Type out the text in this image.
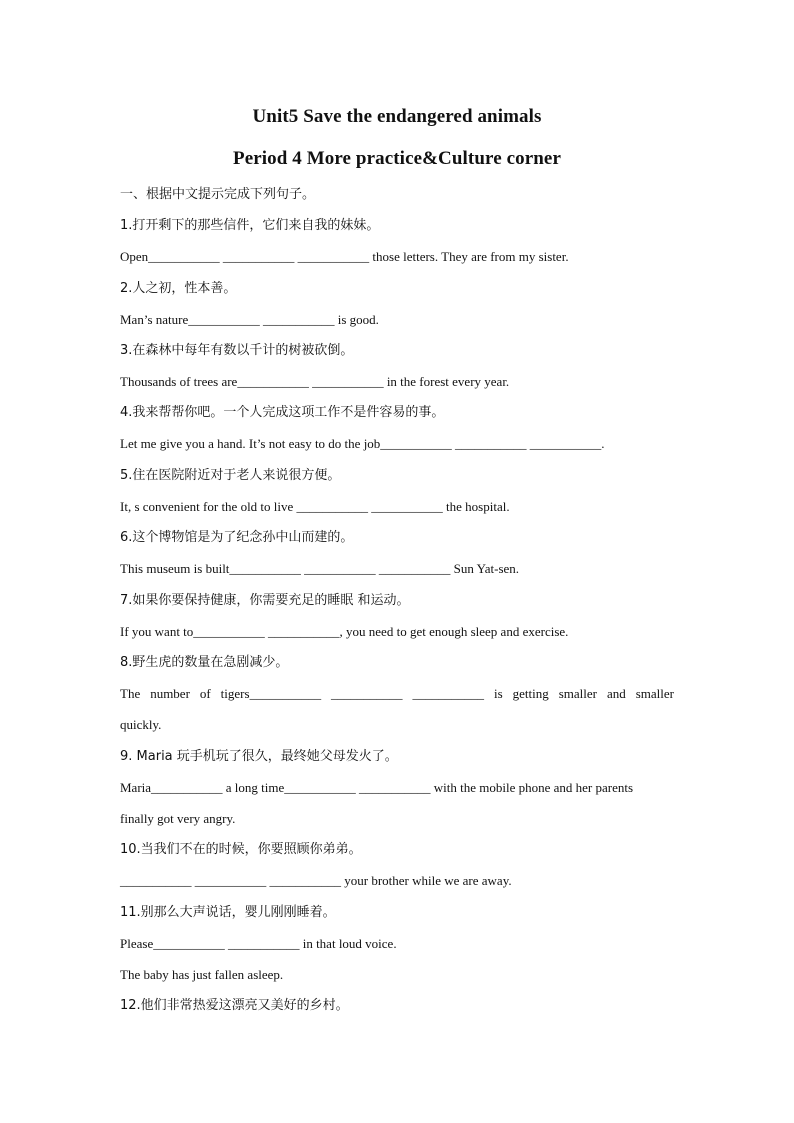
Unit5 Save the endangered animals
Period 4 More practice&Culture corner
一、根据中文提示完成下列句子。
1.打开剩下的那些信件，它们来自我的妹妹。
Open___________ ___________ ___________ those letters. They are from my sister.
2.人之初，性本善。
Man’s nature___________ ___________ is good.
3.在森林中每年有数以千计的树被砍倒。
Thousands of trees are___________ ___________ in the forest every year.
4.我来帮帮你吧。一个人完成这项工作不是件容易的事。
Let me give you a hand. It’s not easy to do the job___________ ___________ ___________.
5.住在医院附近对于老人来说很方便。
It, s convenient for the old to live ___________ ___________ the hospital.
6.这个博物馆是为了纪念孙中山而建的。
This museum is built___________ ___________ ___________ Sun Yat-sen.
7.如果你要保持健康，你需要充足的睡眠 和运动。
If you want to___________ ___________, you need to get enough sleep and exercise.
8.野生虎的数量在急剧减少。
The number of tigers___________ ___________ ___________ is getting smaller and smaller
quickly.
9. Maria 玩手机玩了很久，最终她父母发火了。
Maria___________ a long time___________ ___________ with the mobile phone and her parents
finally got very angry.
10.当我们不在的时候，你要照顾你弟弟。
___________ ___________ ___________ your brother while we are away.
11.别那么大声说话，婴儿刚刚睡着。
Please___________ ___________ in that loud voice.
The baby has just fallen asleep.
12.他们非常热爱这漂亮又美好的乡村。
